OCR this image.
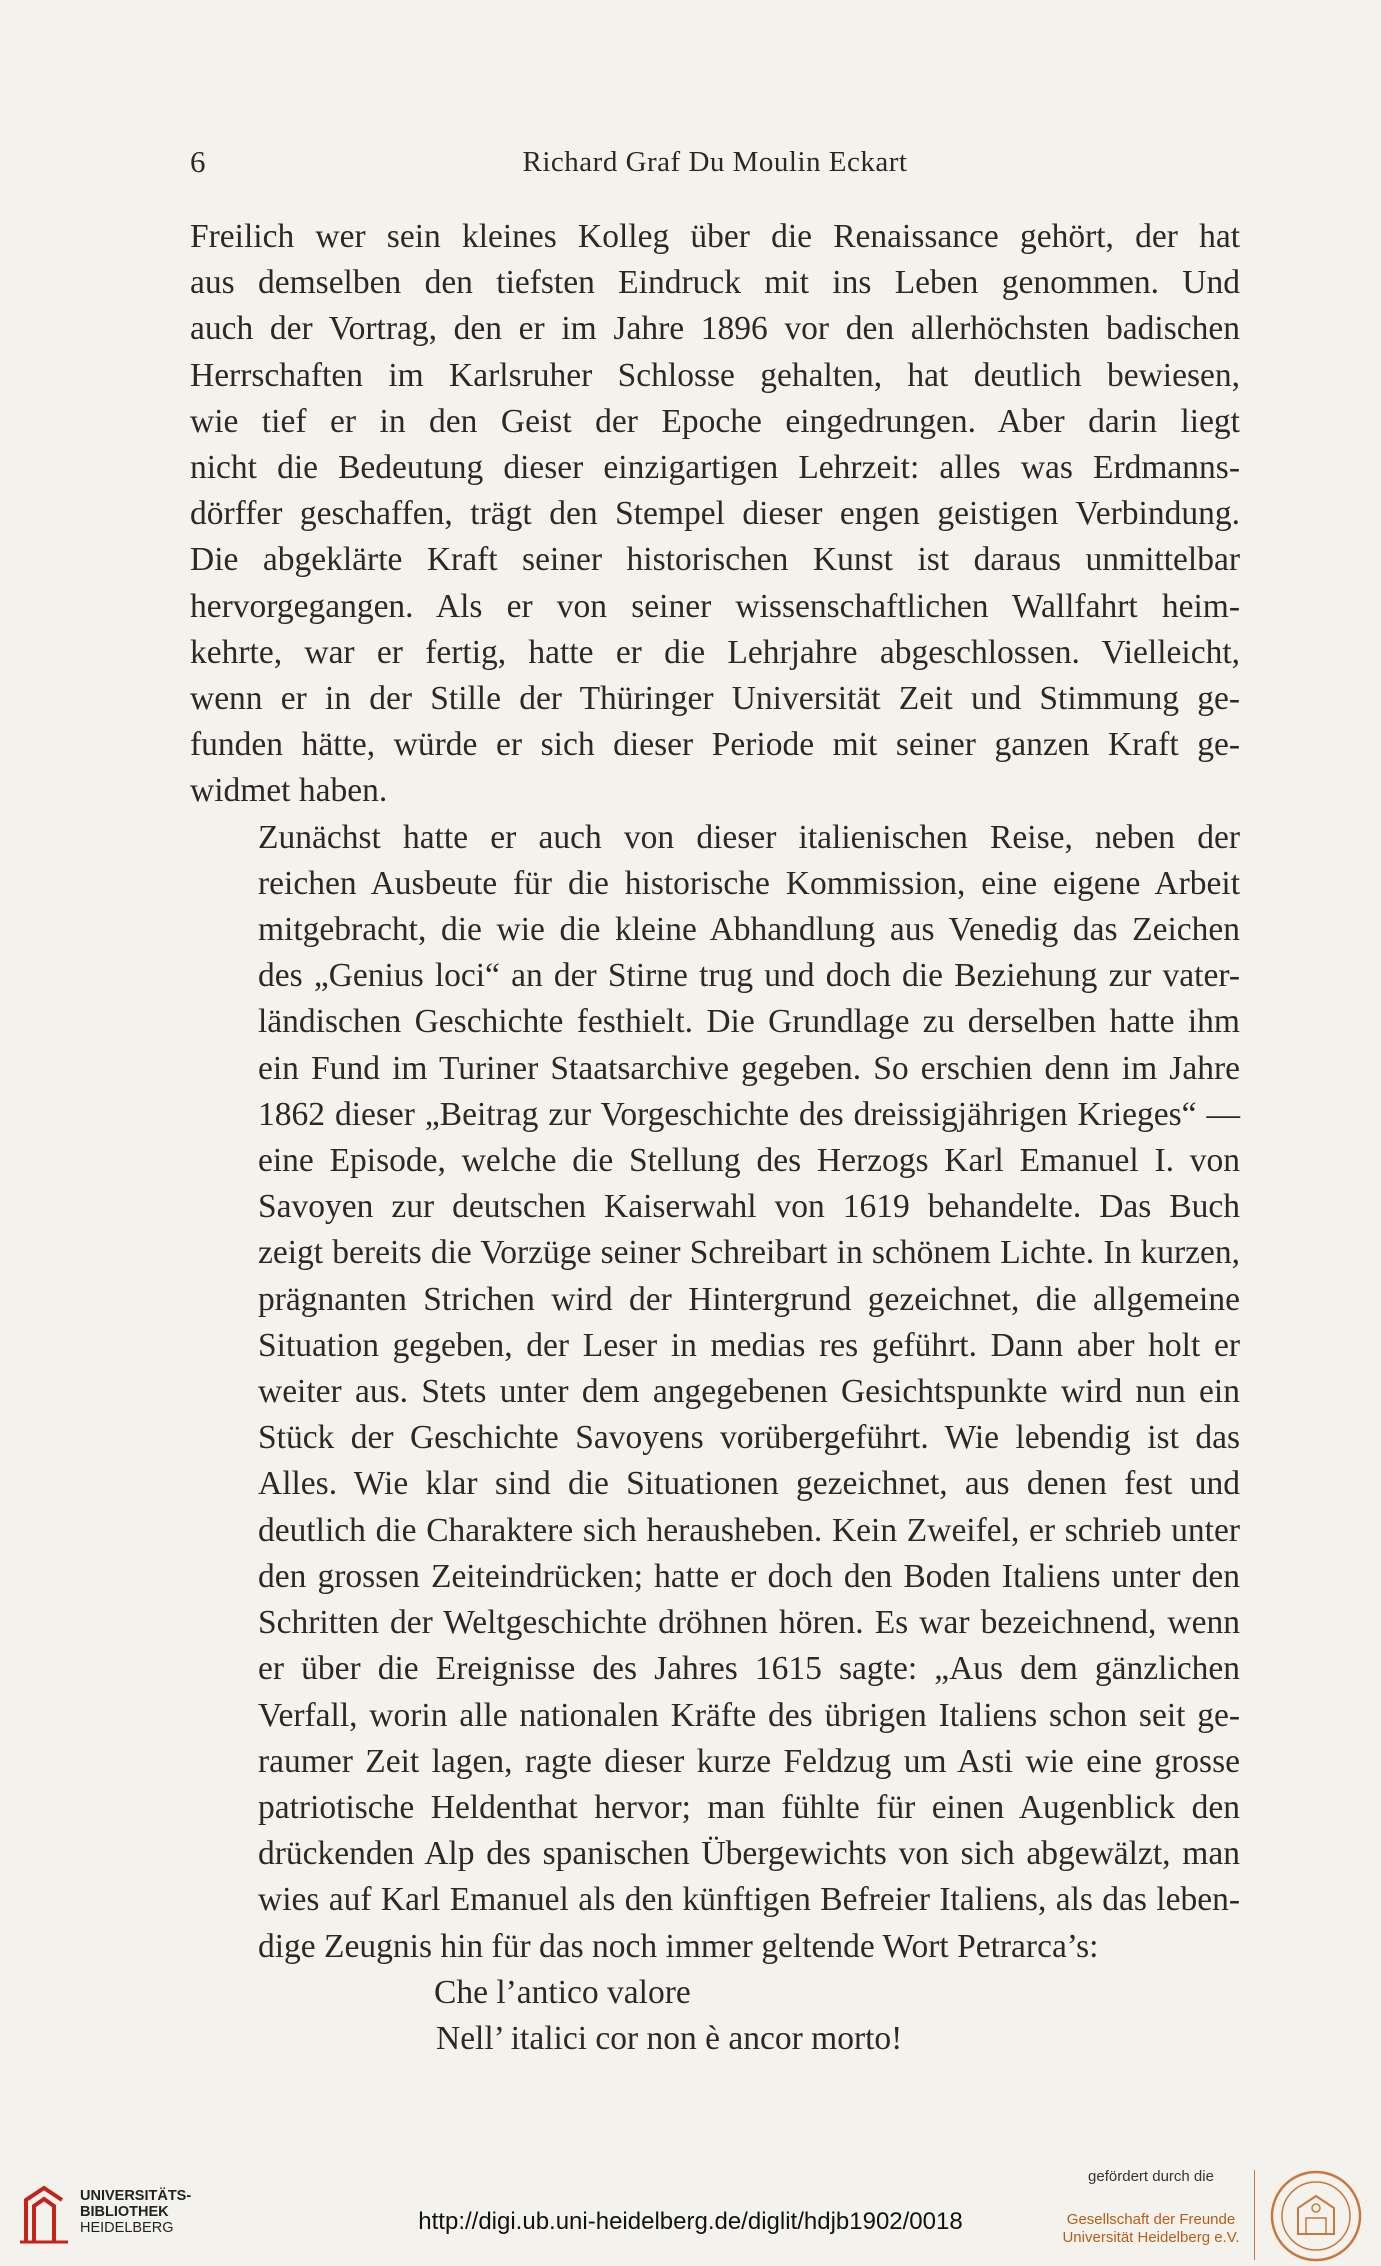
6	Richard Graf Du Moulin Eckart

Freilich wer sein kleines Kolleg über die Renaissance gehört, der hat
aus demselben den tiefsten Eindruck mit ins Leben genommen. Und
auch der Vortrag, den er im Jahre 1896 vor den allerhöchsten badischen
Herrschaften im Karlsruher Schlosse gehalten, hat deutlich bewiesen,
wie tief er in den Geist der Epoche eingedrungen. Aber darin liegt
nicht die Bedeutung dieser einzigartigen Lehrzeit: alles was Erdmanns-
dörffer geschaffen, trägt den Stempel dieser engen geistigen Verbindung.
Die abgeklärte Kraft seiner historischen Kunst ist daraus unmittelbar
hervorgegangen. Als er von seiner wissenschaftlichen Wallfahrt heim-
kehrte, war er fertig, hatte er die Lehrjahre abgeschlossen. Vielleicht,
wenn er in der Stille der Thüringer Universität Zeit und Stimmung ge-
funden hätte, würde er sich dieser Periode mit seiner ganzen Kraft ge-
widmet haben.

Zunächst hatte er auch von dieser italienischen Reise, neben der
reichen Ausbeute für die historische Kommission, eine eigene Arbeit
mitgebracht, die wie die kleine Abhandlung aus Venedig das Zeichen
des „Genius loci“ an der Stirne trug und doch die Beziehung zur vater-
ländischen Geschichte festhielt. Die Grundlage zu derselben hatte ihm
ein Fund im Turiner Staatsarchive gegeben. So erschien denn im Jahre
1862 dieser „Beitrag zur Vorgeschichte des dreissigjährigen Krieges“ —
eine Episode, welche die Stellung des Herzogs Karl Emanuel I. von
Savoyen zur deutschen Kaiserwahl von 1619 behandelte. Das Buch
zeigt bereits die Vorzüge seiner Schreibart in schönem Lichte. In kurzen,
prägnanten Strichen wird der Hintergrund gezeichnet, die allgemeine
Situation gegeben, der Leser in medias res geführt. Dann aber holt er
weiter aus. Stets unter dem angegebenen Gesichtspunkte wird nun ein
Stück der Geschichte Savoyens vorübergeführt. Wie lebendig ist das
Alles. Wie klar sind die Situationen gezeichnet, aus denen fest und
deutlich die Charaktere sich herausheben. Kein Zweifel, er schrieb unter
den grossen Zeiteindrücken; hatte er doch den Boden Italiens unter den
Schritten der Weltgeschichte dröhnen hören. Es war bezeichnend, wenn
er über die Ereignisse des Jahres 1615 sagte: „Aus dem gänzlichen
Verfall, worin alle nationalen Kräfte des übrigen Italiens schon seit ge-
raumer Zeit lagen, ragte dieser kurze Feldzug um Asti wie eine grosse
patriotische Heldenthat hervor; man fühlte für einen Augenblick den
drückenden Alp des spanischen Übergewichts von sich abgewälzt, man
wies auf Karl Emanuel als den künftigen Befreier Italiens, als das leben-
dige Zeugnis hin für das noch immer geltende Wort Petrarca’s:

Che l’antico valore
Nell’ italici cor non è ancor morto!
UNIVERSITÄTS-
BIBLIOTHEK
HEIDELBERG	http://digi.ub.uni-heidelberg.de/diglit/hdjb1902/0018
gefördert durch die
Gesellschaft der Freunde
Universität Heidelberg e.V.
